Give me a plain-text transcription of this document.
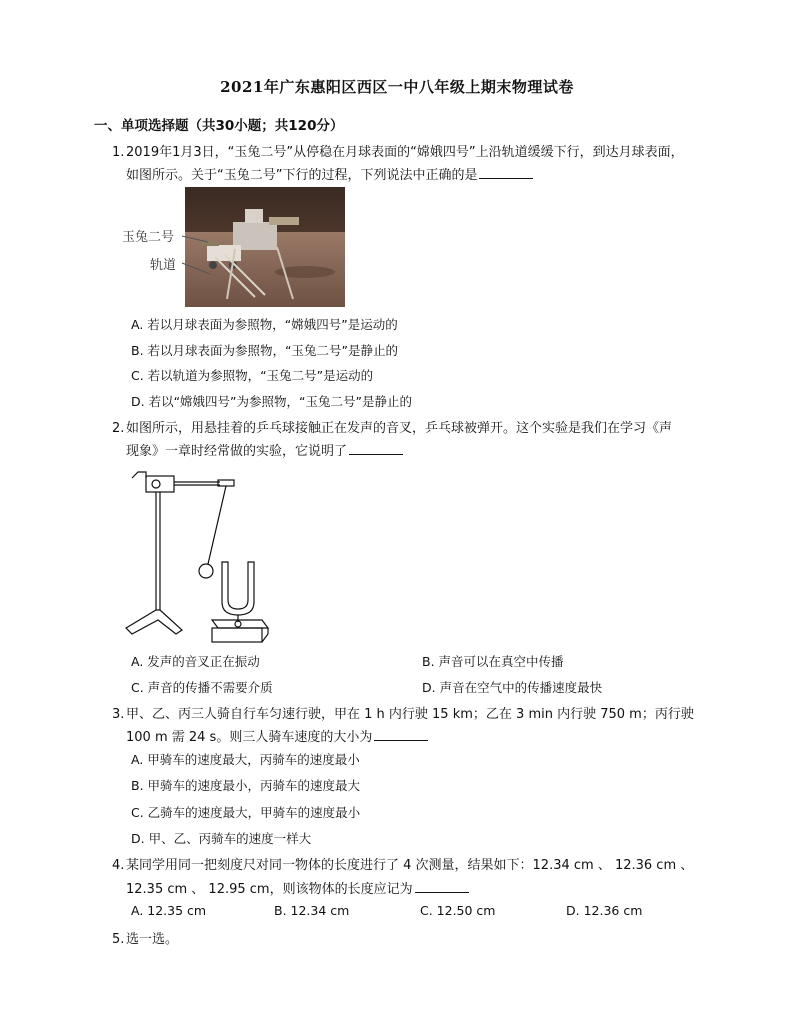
2021年广东惠阳区西区一中八年级上期末物理试卷
一、单项选择题（共30小题；共120分）
1. 2019年1月3日，“玉兔二号”从停稳在月球表面的“嫦娥四号”上沿轨道缓缓下行，到达月球表面，
如图所示。关于“玉兔二号”下行的过程，下列说法中正确的是
玉兔二号
轨道
A. 若以月球表面为参照物，“嫦娥四号”是运动的
B. 若以月球表面为参照物，“玉兔二号”是静止的
C. 若以轨道为参照物，“玉兔二号”是运动的
D. 若以“嫦娥四号”为参照物，“玉兔二号”是静止的
2. 如图所示，用悬挂着的乒乓球接触正在发声的音叉，乒乓球被弹开。这个实验是我们在学习《声
现象》一章时经常做的实验，它说明了
A. 发声的音叉正在振动	B. 声音可以在真空中传播
C. 声音的传播不需要介质	D. 声音在空气中的传播速度最快
3. 甲、乙、丙三人骑自行车匀速行驶，甲在 1 h 内行驶 15 km；乙在 3 min 内行驶 750 m；丙行驶
100 m 需 24 s。则三人骑车速度的大小为
A. 甲骑车的速度最大，丙骑车的速度最小
B. 甲骑车的速度最小，丙骑车的速度最大
C. 乙骑车的速度最大，甲骑车的速度最小
D. 甲、乙、丙骑车的速度一样大
4. 某同学用同一把刻度尺对同一物体的长度进行了 4 次测量，结果如下：12.34 cm 、 12.36 cm 、
12.35 cm 、 12.95 cm，则该物体的长度应记为
A. 12.35 cm	B. 12.34 cm	C. 12.50 cm	D. 12.36 cm
5. 选一选。
